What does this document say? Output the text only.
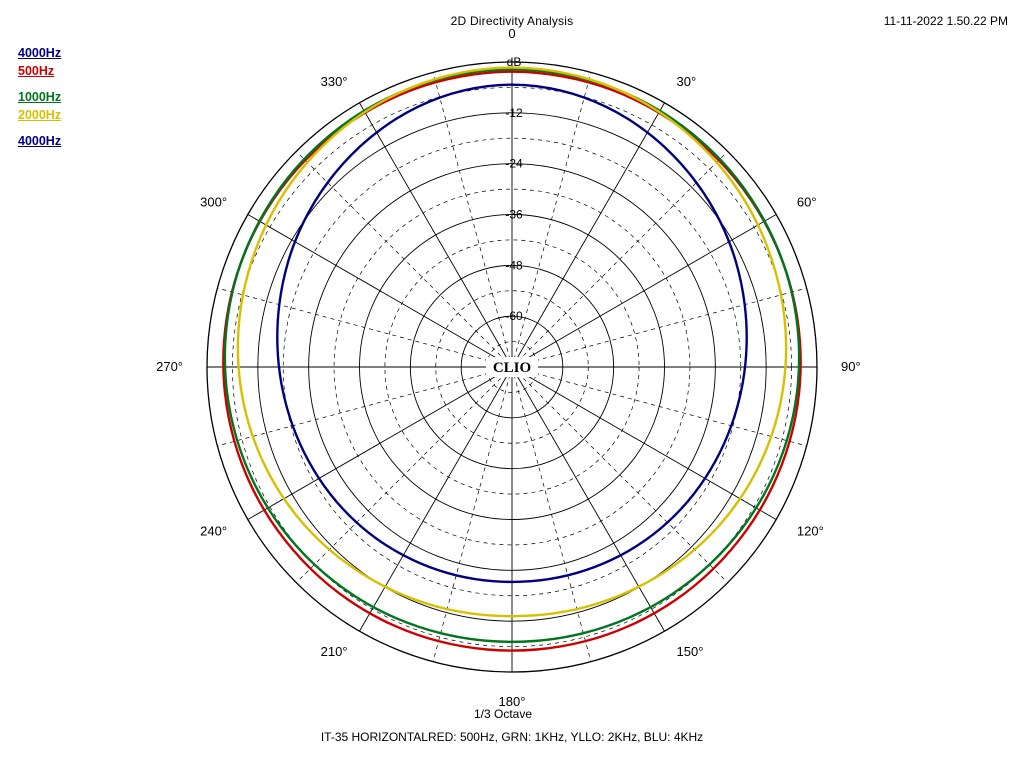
2D Directivity Analysis	11-11-2022 1.50.22 PM
4000Hz
500Hz

1000Hz
2000Hz

4000Hz
0
30°
60°
90°
120°
150°
180°
210°
240°
270°
300°
330°
dB
-12
-24
-36
-48
-60
CLIO
1/3 Octave
IT-35 HORIZONTALRED: 500Hz, GRN: 1KHz, YLLO: 2KHz, BLU: 4KHz
